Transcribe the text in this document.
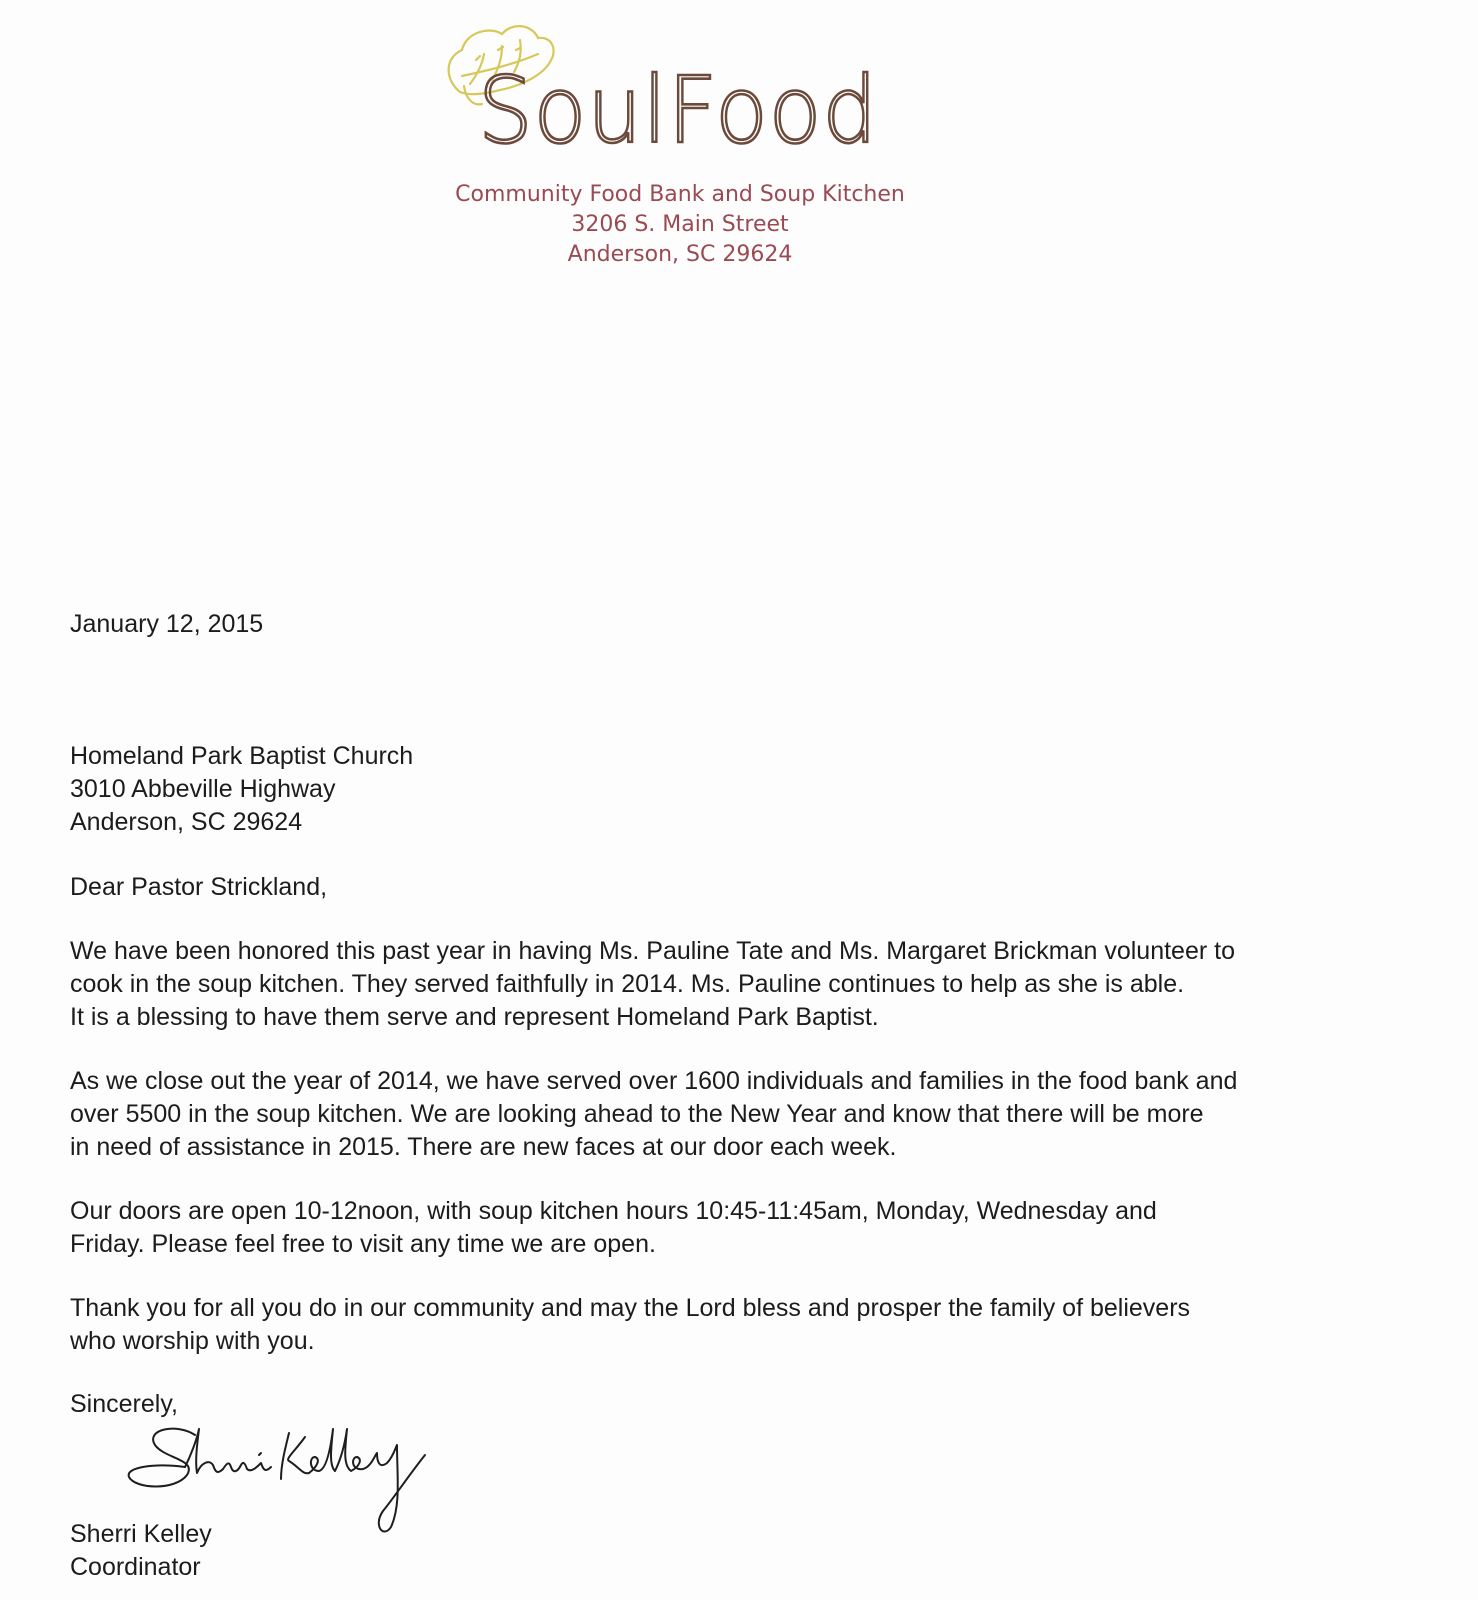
SoulFood
Community Food Bank and Soup Kitchen
3206 S. Main Street
Anderson, SC 29624
January 12, 2015
Homeland Park Baptist Church
3010 Abbeville Highway
Anderson, SC 29624
Dear Pastor Strickland,
We have been honored this past year in having Ms. Pauline Tate and Ms. Margaret Brickman volunteer to
cook in the soup kitchen. They served faithfully in 2014. Ms. Pauline continues to help as she is able.
It is a blessing to have them serve and represent Homeland Park Baptist.
As we close out the year of 2014, we have served over 1600 individuals and families in the food bank and
over 5500 in the soup kitchen. We are looking ahead to the New Year and know that there will be more
in need of assistance in 2015. There are new faces at our door each week.
Our doors are open 10-12noon, with soup kitchen hours 10:45-11:45am, Monday, Wednesday and
Friday. Please feel free to visit any time we are open.
Thank you for all you do in our community and may the Lord bless and prosper the family of believers
who worship with you.
Sincerely,
Sherri Kelley
Coordinator
